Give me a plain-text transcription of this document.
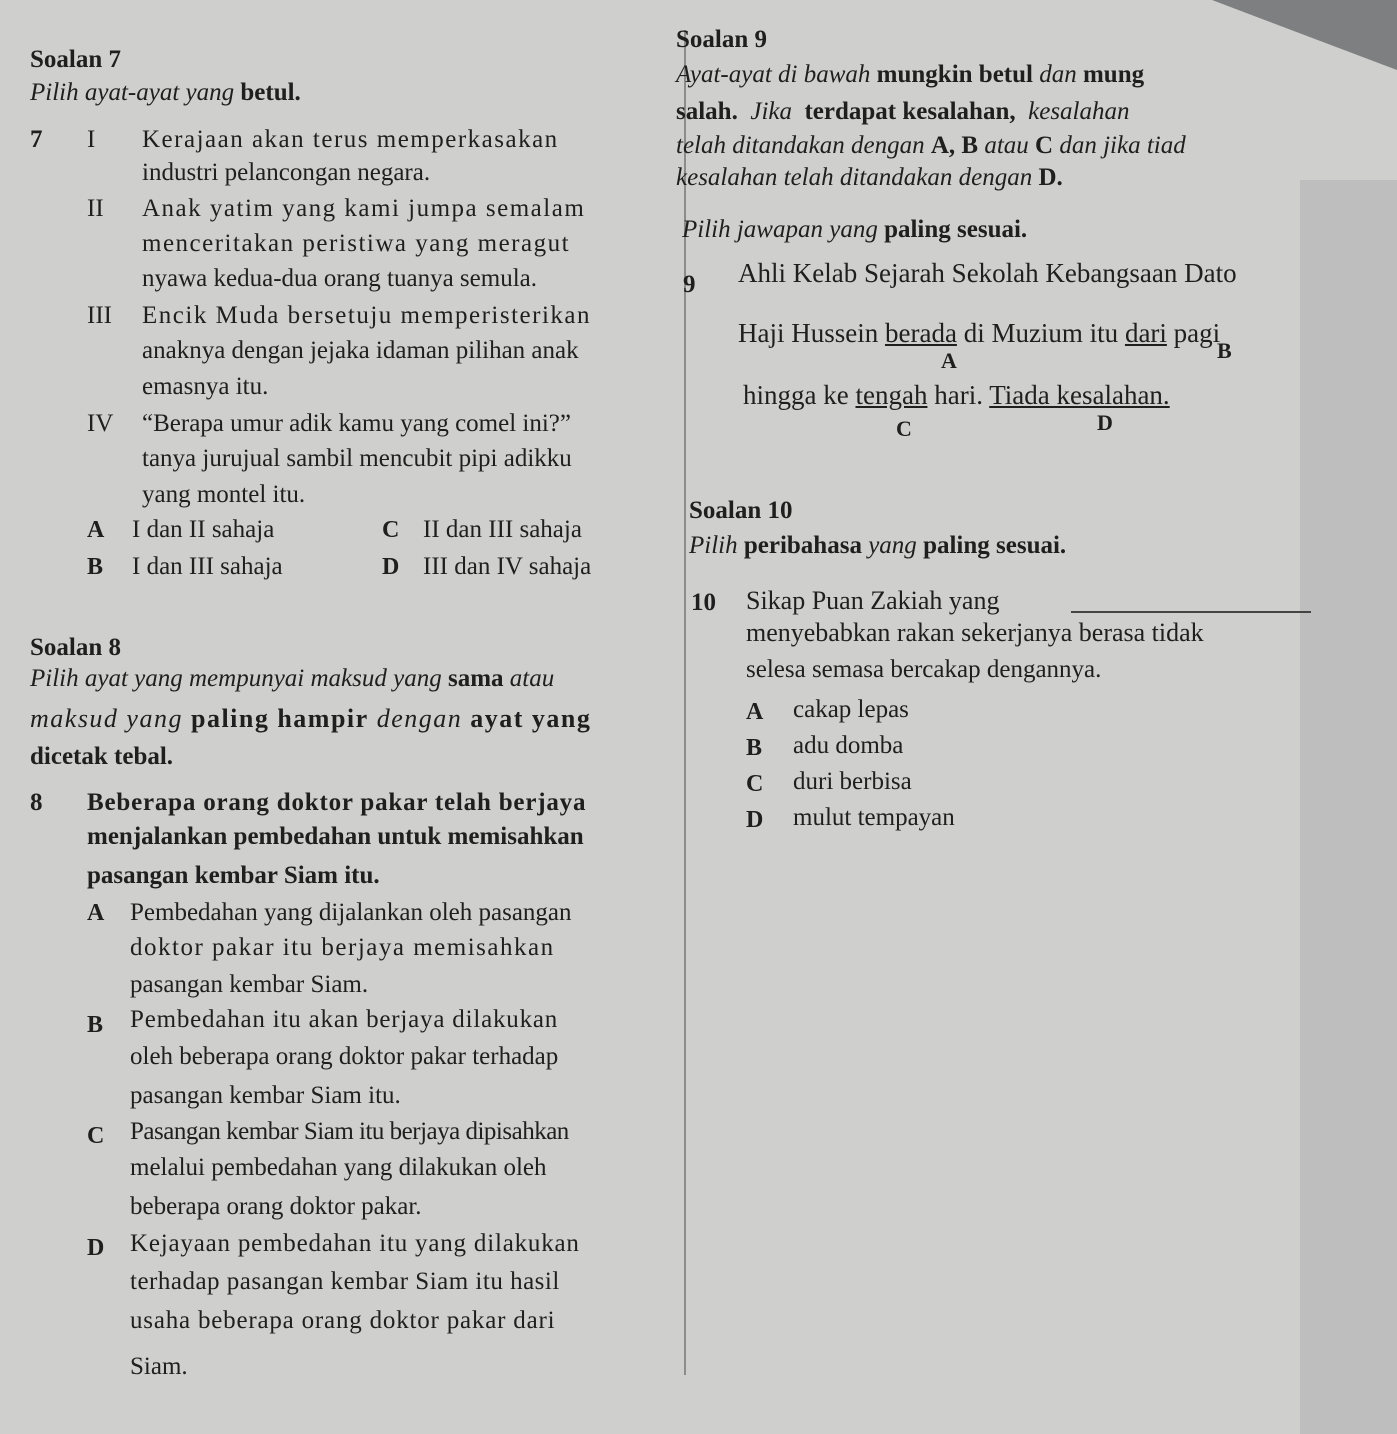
Soalan 7
Pilih ayat-ayat yang betul.
7 I Kerajaan akan terus memperkasakan
industri pelancongan negara.
II Anak yatim yang kami jumpa semalam
menceritakan peristiwa yang meragut
nyawa kedua-dua orang tuanya semula.
III Encik Muda bersetuju memperisterikan
anaknya dengan jejaka idaman pilihan anak
emasnya itu.
IV “Berapa umur adik kamu yang comel ini?”
tanya jurujual sambil mencubit pipi adikku
yang montel itu.
A I dan II sahaja
B I dan III sahaja
C II dan III sahaja
D III dan IV sahaja
Soalan 8
Pilih ayat yang mempunyai maksud yang sama atau
maksud yang paling hampir dengan ayat yang
dicetak tebal.
8 Beberapa orang doktor pakar telah berjaya
menjalankan pembedahan untuk memisahkan
pasangan kembar Siam itu.
A Pembedahan yang dijalankan oleh pasangan
doktor pakar itu berjaya memisahkan
pasangan kembar Siam.
B Pembedahan itu akan berjaya dilakukan
oleh beberapa orang doktor pakar terhadap
pasangan kembar Siam itu.
C Pasangan kembar Siam itu berjaya dipisahkan
melalui pembedahan yang dilakukan oleh
beberapa orang doktor pakar.
D Kejayaan pembedahan itu yang dilakukan
terhadap pasangan kembar Siam itu hasil
usaha beberapa orang doktor pakar dari
Siam.
Soalan 9
Ayat-ayat di bawah mungkin betul dan mung
salah. Jika terdapat kesalahan, kesalahan
telah ditandakan dengan A, B atau C dan jika tiad
kesalahan telah ditandakan dengan D.
Pilih jawapan yang paling sesuai.
9 Ahli Kelab Sejarah Sekolah Kebangsaan Dato
Haji Hussein berada di Muzium itu dari pagi
A	B
hingga ke tengah hari. Tiada kesalahan.
C	D
Soalan 10
Pilih peribahasa yang paling sesuai.
10 Sikap Puan Zakiah yang
menyebabkan rakan sekerjanya berasa tidak
selesa semasa bercakap dengannya.
A cakap lepas
B adu domba
C duri berbisa
D mulut tempayan
